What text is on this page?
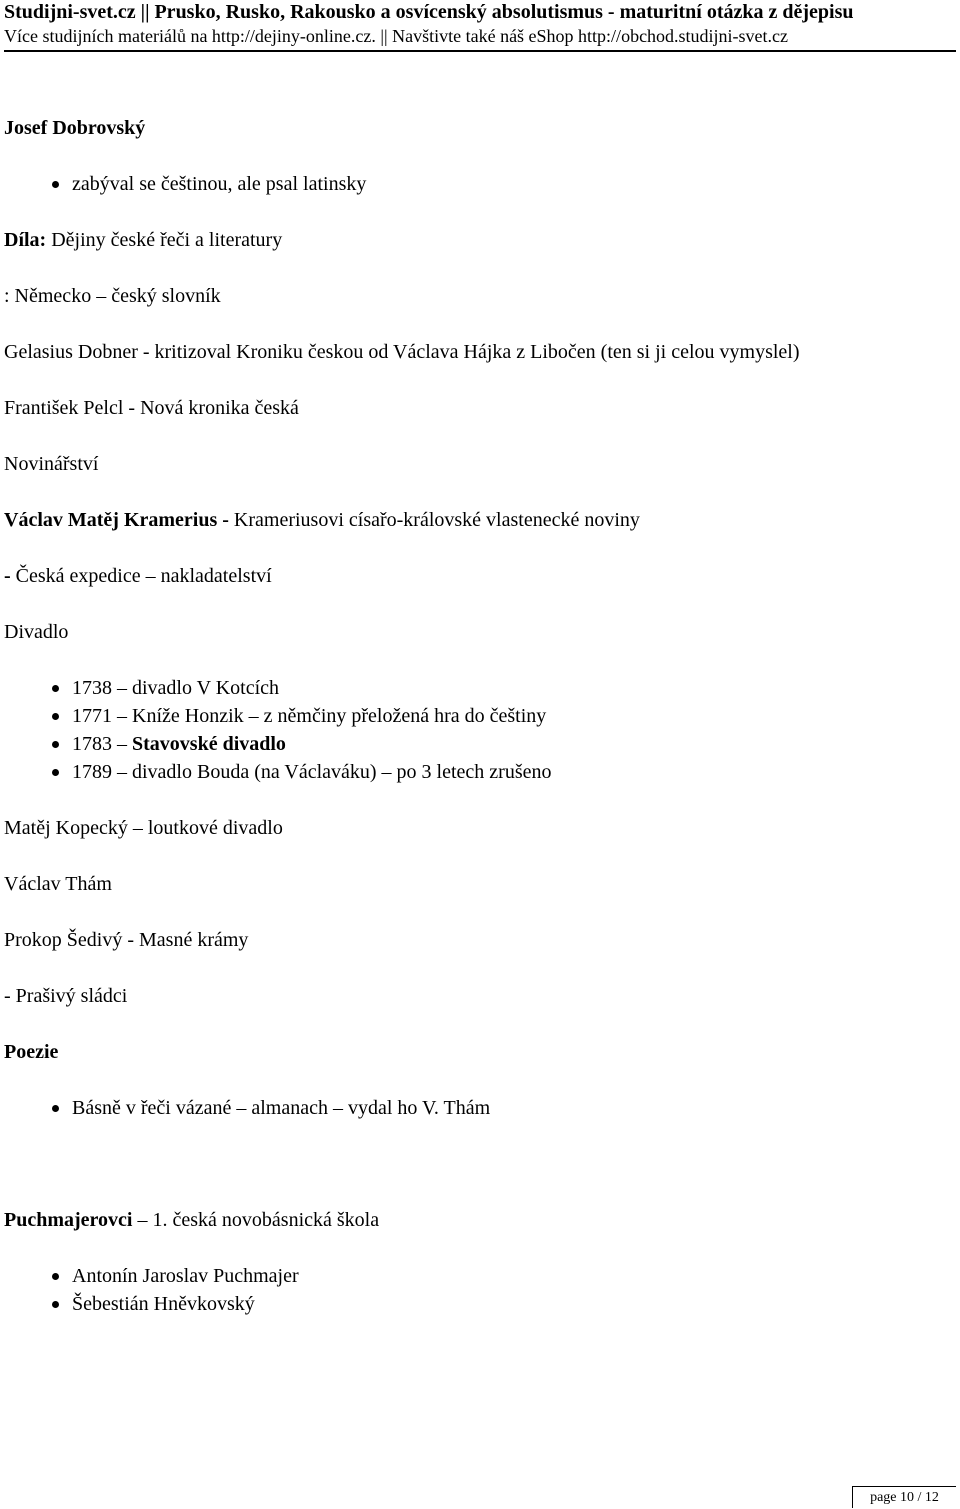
Studijni-svet.cz || Prusko, Rusko, Rakousko a osvícenský absolutismus - maturitní otázka z dějepisu
Více studijních materiálů na http://dejiny-online.cz. || Navštivte také náš eShop http://obchod.studijni-svet.cz
Josef Dobrovský
zabýval se češtinou, ale psal latinsky
Díla: Dějiny české řeči a literatury
: Německo – český slovník
Gelasius Dobner - kritizoval Kroniku českou od Václava Hájka z Libočen (ten si ji celou vymyslel)
František Pelcl - Nová kronika česká
Novinářství
Václav Matěj Kramerius - Krameriusovi císařo-královské vlastenecké noviny
- Česká expedice – nakladatelství
Divadlo
1738 – divadlo V Kotcích
1771 – Kníže Honzik – z němčiny přeložená hra do češtiny
1783 – Stavovské divadlo
1789 – divadlo Bouda (na Václaváku) – po 3 letech zrušeno
Matěj Kopecký – loutkové divadlo
Václav Thám
Prokop Šedivý - Masné krámy
- Prašivý sládci
Poezie
Básně v řeči vázané – almanach – vydal ho V. Thám
Puchmajerovci – 1. česká novobásnická škola
Antonín Jaroslav Puchmajer
Šebestián Hněvkovský
page 10 / 12
